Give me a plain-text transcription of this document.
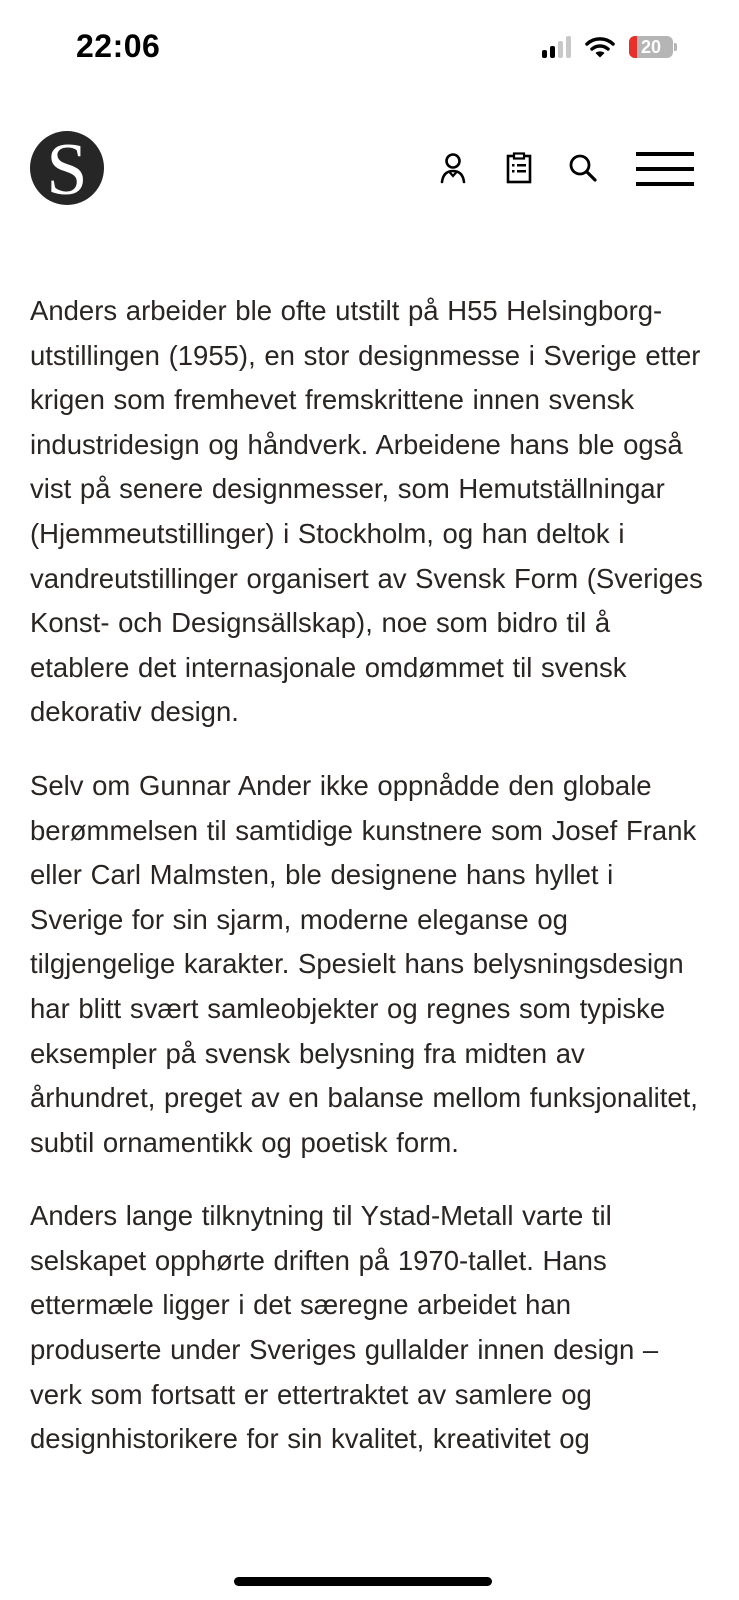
22:06	20
S

Anders arbeider ble ofte utstilt på H55 Helsingborg-utstillingen (1955), en stor designmesse i Sverige etter krigen som fremhevet fremskrittene innen svensk industridesign og håndverk. Arbeidene hans ble også vist på senere designmesser, som Hemutställningar (Hjemmeutstillinger) i Stockholm, og han deltok i vandreutstillinger organisert av Svensk Form (Sveriges Konst- och Designsällskap), noe som bidro til å etablere det internasjonale omdømmet til svensk dekorativ design.

Selv om Gunnar Ander ikke oppnådde den globale berømmelsen til samtidige kunstnere som Josef Frank eller Carl Malmsten, ble designene hans hyllet i Sverige for sin sjarm, moderne eleganse og tilgjengelige karakter. Spesielt hans belysningsdesign har blitt svært samleobjekter og regnes som typiske eksempler på svensk belysning fra midten av århundret, preget av en balanse mellom funksjonalitet, subtil ornamentikk og poetisk form.

Anders lange tilknytning til Ystad-Metall varte til selskapet opphørte driften på 1970-tallet. Hans ettermæle ligger i det særegne arbeidet han produserte under Sveriges gullalder innen design – verk som fortsatt er ettertraktet av samlere og designhistorikere for sin kvalitet, kreativitet og
